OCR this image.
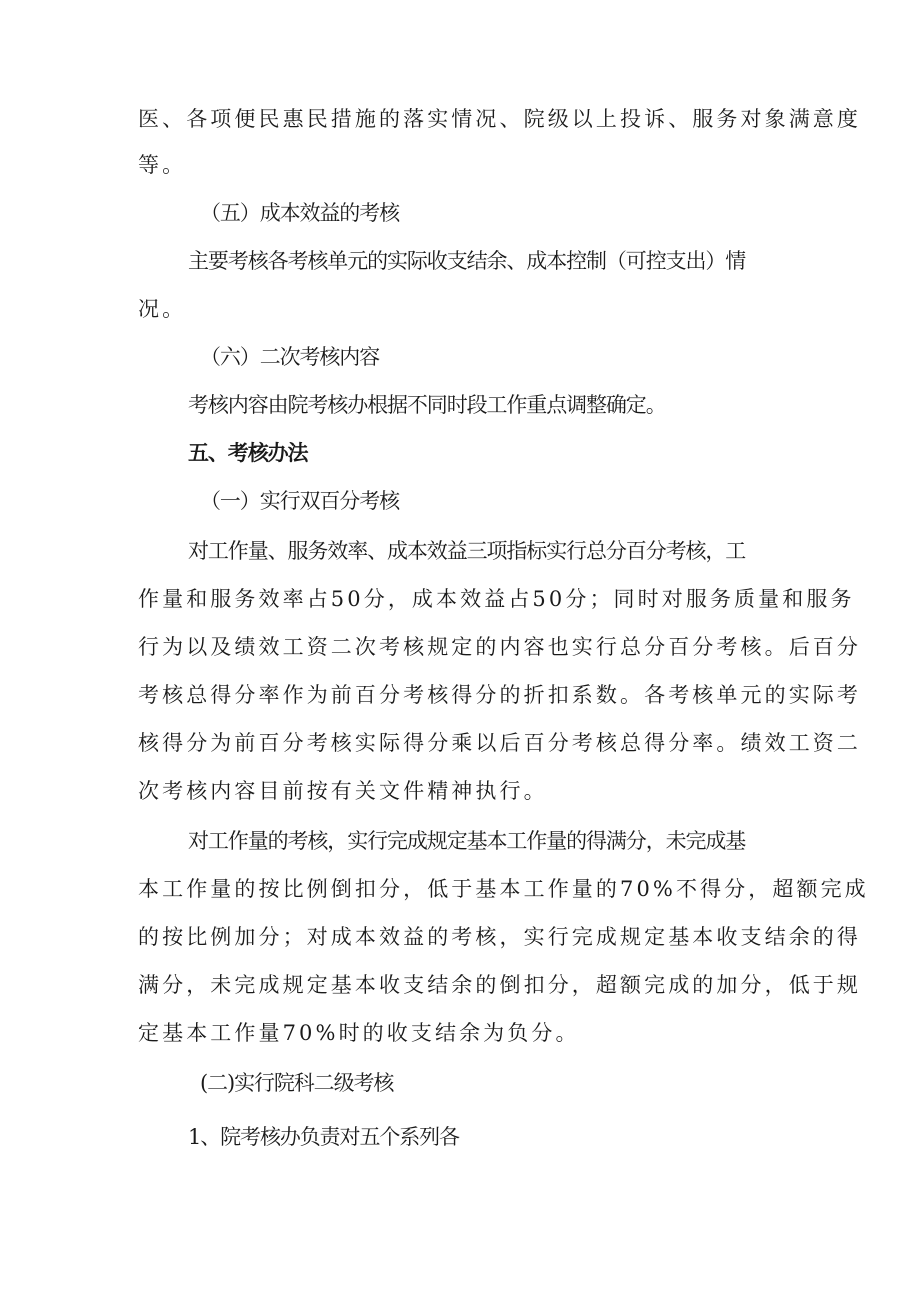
医、各项便民惠民措施的落实情况、院级以上投诉、服务对象满意度
等。
（五）成本效益的考核
主要考核各考核单元的实际收支结余、成本控制（可控支出）情
况。
（六）二次考核内容
考核内容由院考核办根据不同时段工作重点调整确定。
五、考核办法
（一）实行双百分考核
对工作量、服务效率、成本效益三项指标实行总分百分考核，工
作量和服务效率占50分，成本效益占50分；同时对服务质量和服务
行为以及绩效工资二次考核规定的内容也实行总分百分考核。后百分
考核总得分率作为前百分考核得分的折扣系数。各考核单元的实际考
核得分为前百分考核实际得分乘以后百分考核总得分率。绩效工资二
次考核内容目前按有关文件精神执行。
对工作量的考核，实行完成规定基本工作量的得满分，未完成基
本工作量的按比例倒扣分，低于基本工作量的70%不得分，超额完成
的按比例加分；对成本效益的考核，实行完成规定基本收支结余的得
满分，未完成规定基本收支结余的倒扣分，超额完成的加分，低于规
定基本工作量70%时的收支结余为负分。
(二)实行院科二级考核
1、院考核办负责对五个系列各
